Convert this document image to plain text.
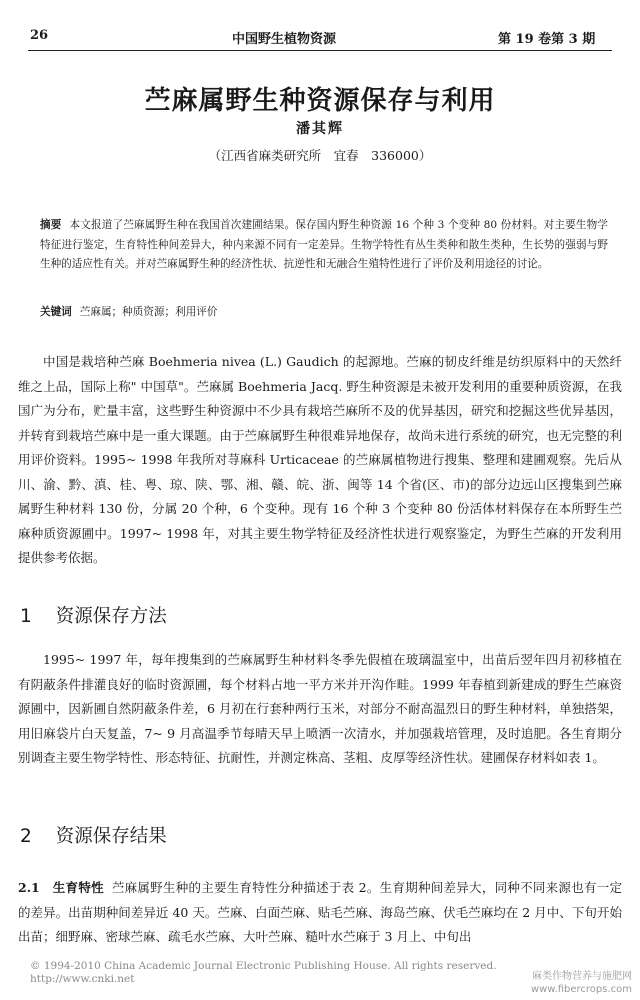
26	中国野生植物资源	第 19 卷第 3 期
苎麻属野生种资源保存与利用
潘其辉
（江西省麻类研究所　宜春　336000）
摘要 本文报道了苎麻属野生种在我国首次建圃结果。保存国内野生种资源 16 个种 3 个变种 80 份材料。对主要生物学特征进行鉴定，生育特性种间差异大，种内来源不同有一定差异。生物学特性有丛生类种和散生类种，生长势的强弱与野生种的适应性有关。并对苎麻属野生种的经济性状、抗逆性和无融合生殖特性进行了评价及利用途径的讨论。
关键词 苎麻属；种质资源；利用评价
中国是栽培种苎麻 Boehmeria nivea (L.) Gaudich 的起源地。苎麻的韧皮纤维是纺织原料中的天然纤维之上品，国际上称" 中国草"。苎麻属 Boehmeria Jacq. 野生种资源是未被开发利用的重要种质资源，在我国广为分布，贮量丰富，这些野生种资源中不少具有栽培苎麻所不及的优异基因，研究和挖掘这些优异基因，并转育到栽培苎麻中是一重大课题。由于苎麻属野生种很难异地保存，故尚未进行系统的研究，也无完整的利用评价资料。1995~ 1998 年我所对荨麻科 Urticaceae 的苎麻属植物进行搜集、整理和建圃观察。先后从川、渝、黔、滇、桂、粤、琼、陕、鄂、湘、赣、皖、浙、闽等 14 个省(区、市)的部分边远山区搜集到苎麻属野生种材料 130 份，分属 20 个种，6 个变种。现有 16 个种 3 个变种 80 份活体材料保存在本所野生苎麻种质资源圃中。1997~ 1998 年，对其主要生物学特征及经济性状进行观察鉴定，为野生苎麻的开发利用提供参考依据。
1 资源保存方法
1995~ 1997 年，每年搜集到的苎麻属野生种材料冬季先假植在玻璃温室中，出苗后翌年四月初移植在有阴蔽条件排灌良好的临时资源圃，每个材料占地一平方米并开沟作畦。1999 年春植到新建成的野生苎麻资源圃中，因新圃自然阴蔽条件差，6 月初在行套种两行玉米，对部分不耐高温烈日的野生种材料，单独搭架，用旧麻袋片白天复盖，7~ 9 月高温季节每晴天早上喷洒一次清水，并加强栽培管理，及时追肥。各生育期分别调查主要生物学特性、形态特征、抗耐性，并测定株高、茎粗、皮厚等经济性状。建圃保存材料如表 1。
2 资源保存结果
2.1　生育特性 苎麻属野生种的主要生育特性分种描述于表 2。生育期种间差异大，同种不同来源也有一定的差异。出苗期种间差异近 40 天。苎麻、白面苎麻、贴毛苎麻、海岛苎麻、伏毛苎麻均在 2 月中、下旬开始出苗；细野麻、密球苎麻、疏毛水苎麻、大叶苎麻、糙叶水苎麻于 3 月上、中旬出
© 1994-2010 China Academic Journal Electronic Publishing House. All rights reserved.　http://www.cnki.net	麻类作物营养与施肥网
www.fibercrops.com
